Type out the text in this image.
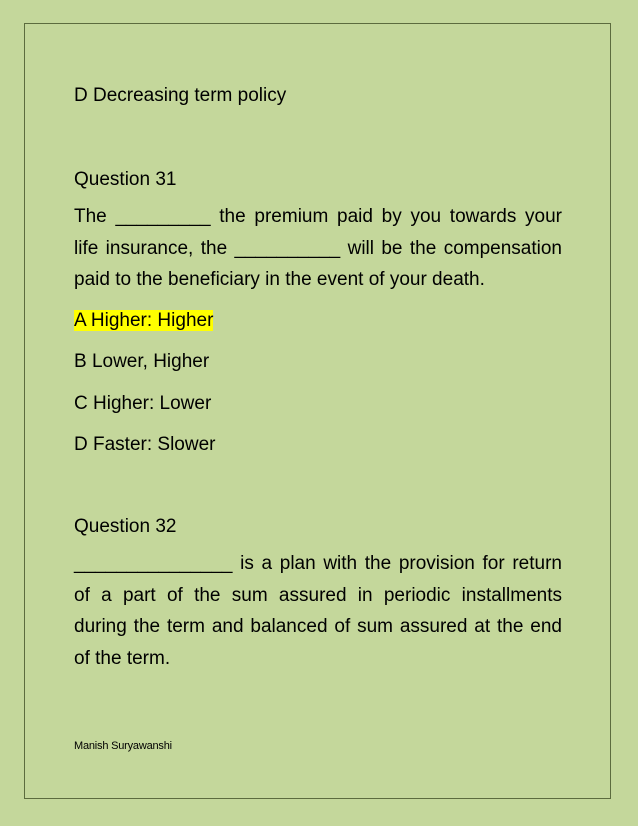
D Decreasing term policy

Question 31

The _________ the premium paid by you towards your life insurance, the __________ will be the compensation paid to the beneficiary in the event of your death.

A Higher: Higher

B Lower, Higher

C Higher: Lower

D Faster: Slower

Question 32

_______________ is a plan with the provision for return of a part of the sum assured in periodic installments during the term and balanced of sum assured at the end of the term.

Manish Suryawanshi
